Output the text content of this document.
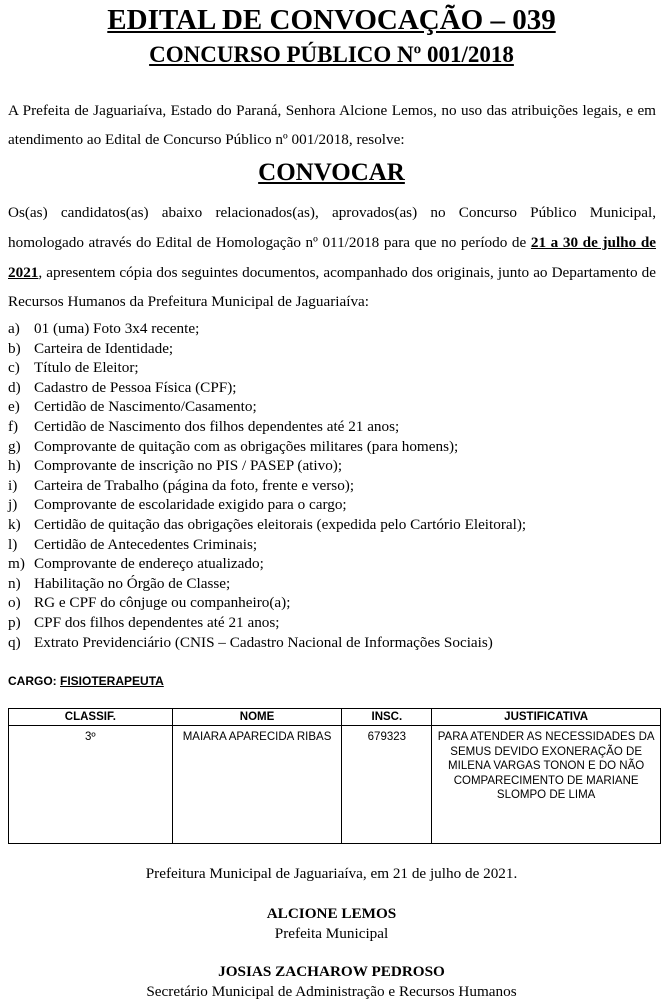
EDITAL DE CONVOCAÇÃO – 039
CONCURSO PÚBLICO Nº 001/2018
A Prefeita de Jaguariaíva, Estado do Paraná, Senhora Alcione Lemos, no uso das atribuições legais, e em atendimento ao Edital de Concurso Público nº 001/2018, resolve:
CONVOCAR
Os(as) candidatos(as) abaixo relacionados(as), aprovados(as) no Concurso Público Municipal, homologado através do Edital de Homologação nº 011/2018 para que no período de 21 a 30 de julho de 2021, apresentem cópia dos seguintes documentos, acompanhado dos originais, junto ao Departamento de Recursos Humanos da Prefeitura Municipal de Jaguariaíva:
a) 01 (uma) Foto 3x4 recente;
b) Carteira de Identidade;
c) Título de Eleitor;
d) Cadastro de Pessoa Física (CPF);
e) Certidão de Nascimento/Casamento;
f) Certidão de Nascimento dos filhos dependentes até 21 anos;
g) Comprovante de quitação com as obrigações militares (para homens);
h) Comprovante de inscrição no PIS / PASEP (ativo);
i) Carteira de Trabalho (página da foto, frente e verso);
j) Comprovante de escolaridade exigido para o cargo;
k) Certidão de quitação das obrigações eleitorais (expedida pelo Cartório Eleitoral);
l) Certidão de Antecedentes Criminais;
m) Comprovante de endereço atualizado;
n) Habilitação no Órgão de Classe;
o) RG e CPF do cônjuge ou companheiro(a);
p) CPF dos filhos dependentes até 21 anos;
q) Extrato Previdenciário (CNIS – Cadastro Nacional de Informações Sociais)
CARGO: FISIOTERAPEUTA
CLASSIF.	NOME	INSC.	JUSTIFICATIVA
3º	MAIARA APARECIDA RIBAS	679323	PARA ATENDER AS NECESSIDADES DA SEMUS DEVIDO EXONERAÇÃO DE MILENA VARGAS TONON E DO NÃO COMPARECIMENTO DE MARIANE SLOMPO DE LIMA
Prefeitura Municipal de Jaguariaíva, em 21 de julho de 2021.
ALCIONE LEMOS
Prefeita Municipal
JOSIAS ZACHAROW PEDROSO
Secretário Municipal de Administração e Recursos Humanos
